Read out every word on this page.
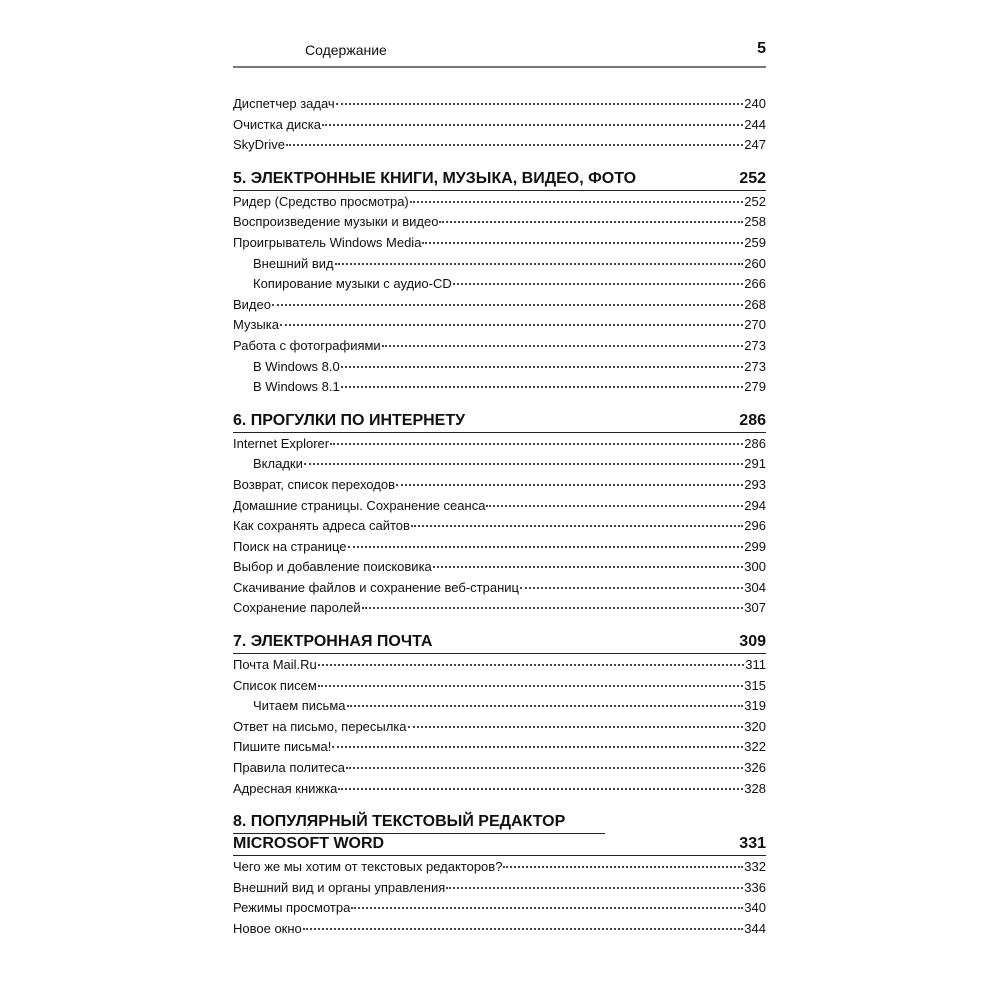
Содержание	5
Диспетчер задач	240
Очистка диска	244
SkyDrive	247
5. ЭЛЕКТРОННЫЕ КНИГИ, МУЗЫКА, ВИДЕО, ФОТО	252
Ридер (Средство просмотра)	252
Воспроизведение музыки и видео	258
Проигрыватель Windows Media	259
Внешний вид	260
Копирование музыки с аудио-CD	266
Видео	268
Музыка	270
Работа с фотографиями	273
В Windows 8.0	273
В Windows 8.1	279
6. ПРОГУЛКИ ПО ИНТЕРНЕТУ	286
Internet Explorer	286
Вкладки	291
Возврат, список переходов	293
Домашние страницы. Сохранение сеанса	294
Как сохранять адреса сайтов	296
Поиск на странице	299
Выбор и добавление поисковика	300
Скачивание файлов и сохранение веб-страниц	304
Сохранение паролей	307
7. ЭЛЕКТРОННАЯ ПОЧТА	309
Почта Mail.Ru	311
Список писем	315
Читаем письма	319
Ответ на письмо, пересылка	320
Пишите письма!	322
Правила политеса	326
Адресная книжка	328
8. ПОПУЛЯРНЫЙ ТЕКСТОВЫЙ РЕДАКТОР
MICROSOFT WORD	331
Чего же мы хотим от текстовых редакторов?	332
Внешний вид и органы управления	336
Режимы просмотра	340
Новое окно	344
